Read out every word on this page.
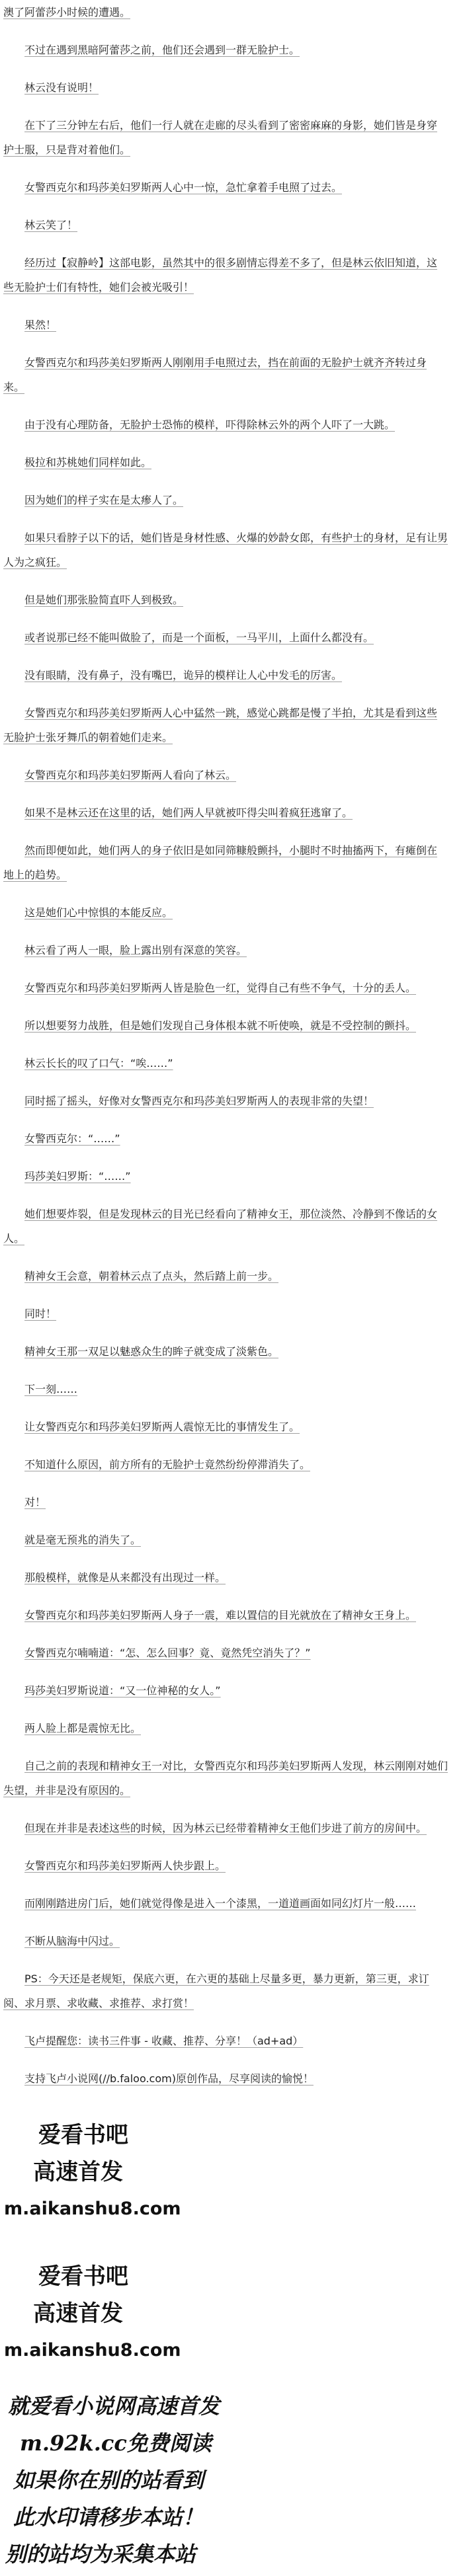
澳了阿蕾莎小时候的遭遇。
不过在遇到黑暗阿蕾莎之前，他们还会遇到一群无脸护士。
林云没有说明！
在下了三分钟左右后，他们一行人就在走廊的尽头看到了密密麻麻的身影，她们皆是身穿
护士服，只是背对着他们。
女警西克尔和玛莎美妇罗斯两人心中一惊，急忙拿着手电照了过去。
林云笑了！
经历过【寂静岭】这部电影，虽然其中的很多剧情忘得差不多了，但是林云依旧知道，这
些无脸护士们有特性，她们会被光吸引！
果然！
女警西克尔和玛莎美妇罗斯两人刚刚用手电照过去，挡在前面的无脸护士就齐齐转过身
来。
由于没有心理防备，无脸护士恐怖的模样，吓得除林云外的两个人吓了一大跳。
极拉和苏桃她们同样如此。
因为她们的样子实在是太瘆人了。
如果只看脖子以下的话，她们皆是身材性感、火爆的妙龄女郎，有些护士的身材，足有让男
人为之疯狂。
但是她们那张脸简直吓人到极致。
或者说那已经不能叫做脸了，而是一个面板，一马平川，上面什么都没有。
没有眼睛，没有鼻子，没有嘴巴，诡异的模样让人心中发毛的厉害。
女警西克尔和玛莎美妇罗斯两人心中猛然一跳，感觉心跳都是慢了半拍，尤其是看到这些
无脸护士张牙舞爪的朝着她们走来。
女警西克尔和玛莎美妇罗斯两人看向了林云。
如果不是林云还在这里的话，她们两人早就被吓得尖叫着疯狂逃窜了。
然而即便如此，她们两人的身子依旧是如同筛糠般颤抖，小腿时不时抽搐两下，有瘫倒在
地上的趋势。
这是她们心中惊惧的本能反应。
林云看了两人一眼，脸上露出别有深意的笑容。
女警西克尔和玛莎美妇罗斯两人皆是脸色一红，觉得自己有些不争气，十分的丢人。
所以想要努力战胜，但是她们发现自己身体根本就不听使唤，就是不受控制的颤抖。
林云长长的叹了口气：“唉……”
同时摇了摇头，好像对女警西克尔和玛莎美妇罗斯两人的表现非常的失望！
女警西克尔：“……”
玛莎美妇罗斯：“……”
她们想要炸裂，但是发现林云的目光已经看向了精神女王，那位淡然、冷静到不像话的女
人。
精神女王会意，朝着林云点了点头，然后踏上前一步。
同时！
精神女王那一双足以魅惑众生的眸子就变成了淡紫色。
下一刻……
让女警西克尔和玛莎美妇罗斯两人震惊无比的事情发生了。
不知道什么原因，前方所有的无脸护士竟然纷纷停滞消失了。
对！
就是毫无预兆的消失了。
那般模样，就像是从来都没有出现过一样。
女警西克尔和玛莎美妇罗斯两人身子一震，难以置信的目光就放在了精神女王身上。
女警西克尔喃喃道：“怎、怎么回事？竟、竟然凭空消失了？”
玛莎美妇罗斯说道：“又一位神秘的女人。”
两人脸上都是震惊无比。
自己之前的表现和精神女王一对比，女警西克尔和玛莎美妇罗斯两人发现，林云刚刚对她们
失望，并非是没有原因的。
但现在并非是表述这些的时候，因为林云已经带着精神女王他们步进了前方的房间中。
女警西克尔和玛莎美妇罗斯两人快步跟上。
而刚刚踏进房门后，她们就觉得像是进入一个漆黑，一道道画面如同幻灯片一般……
不断从脑海中闪过。
PS：今天还是老规矩，保底六更，在六更的基础上尽量多更，暴力更新，第三更，求订
阅、求月票、求收藏、求推荐、求打赏！
飞卢提醒您：读书三件事 - 收藏、推荐、分享！（ad+ad）
支持飞卢小说网(//b.faloo.com)原创作品，尽享阅读的愉悦！
爱看书吧
高速首发
m.aikanshu8.com
爱看书吧
高速首发
m.aikanshu8.com
就爱看小说网高速首发
m.92k.cc免费阅读
如果你在别的站看到
此水印请移步本站！
别的站均为采集本站
